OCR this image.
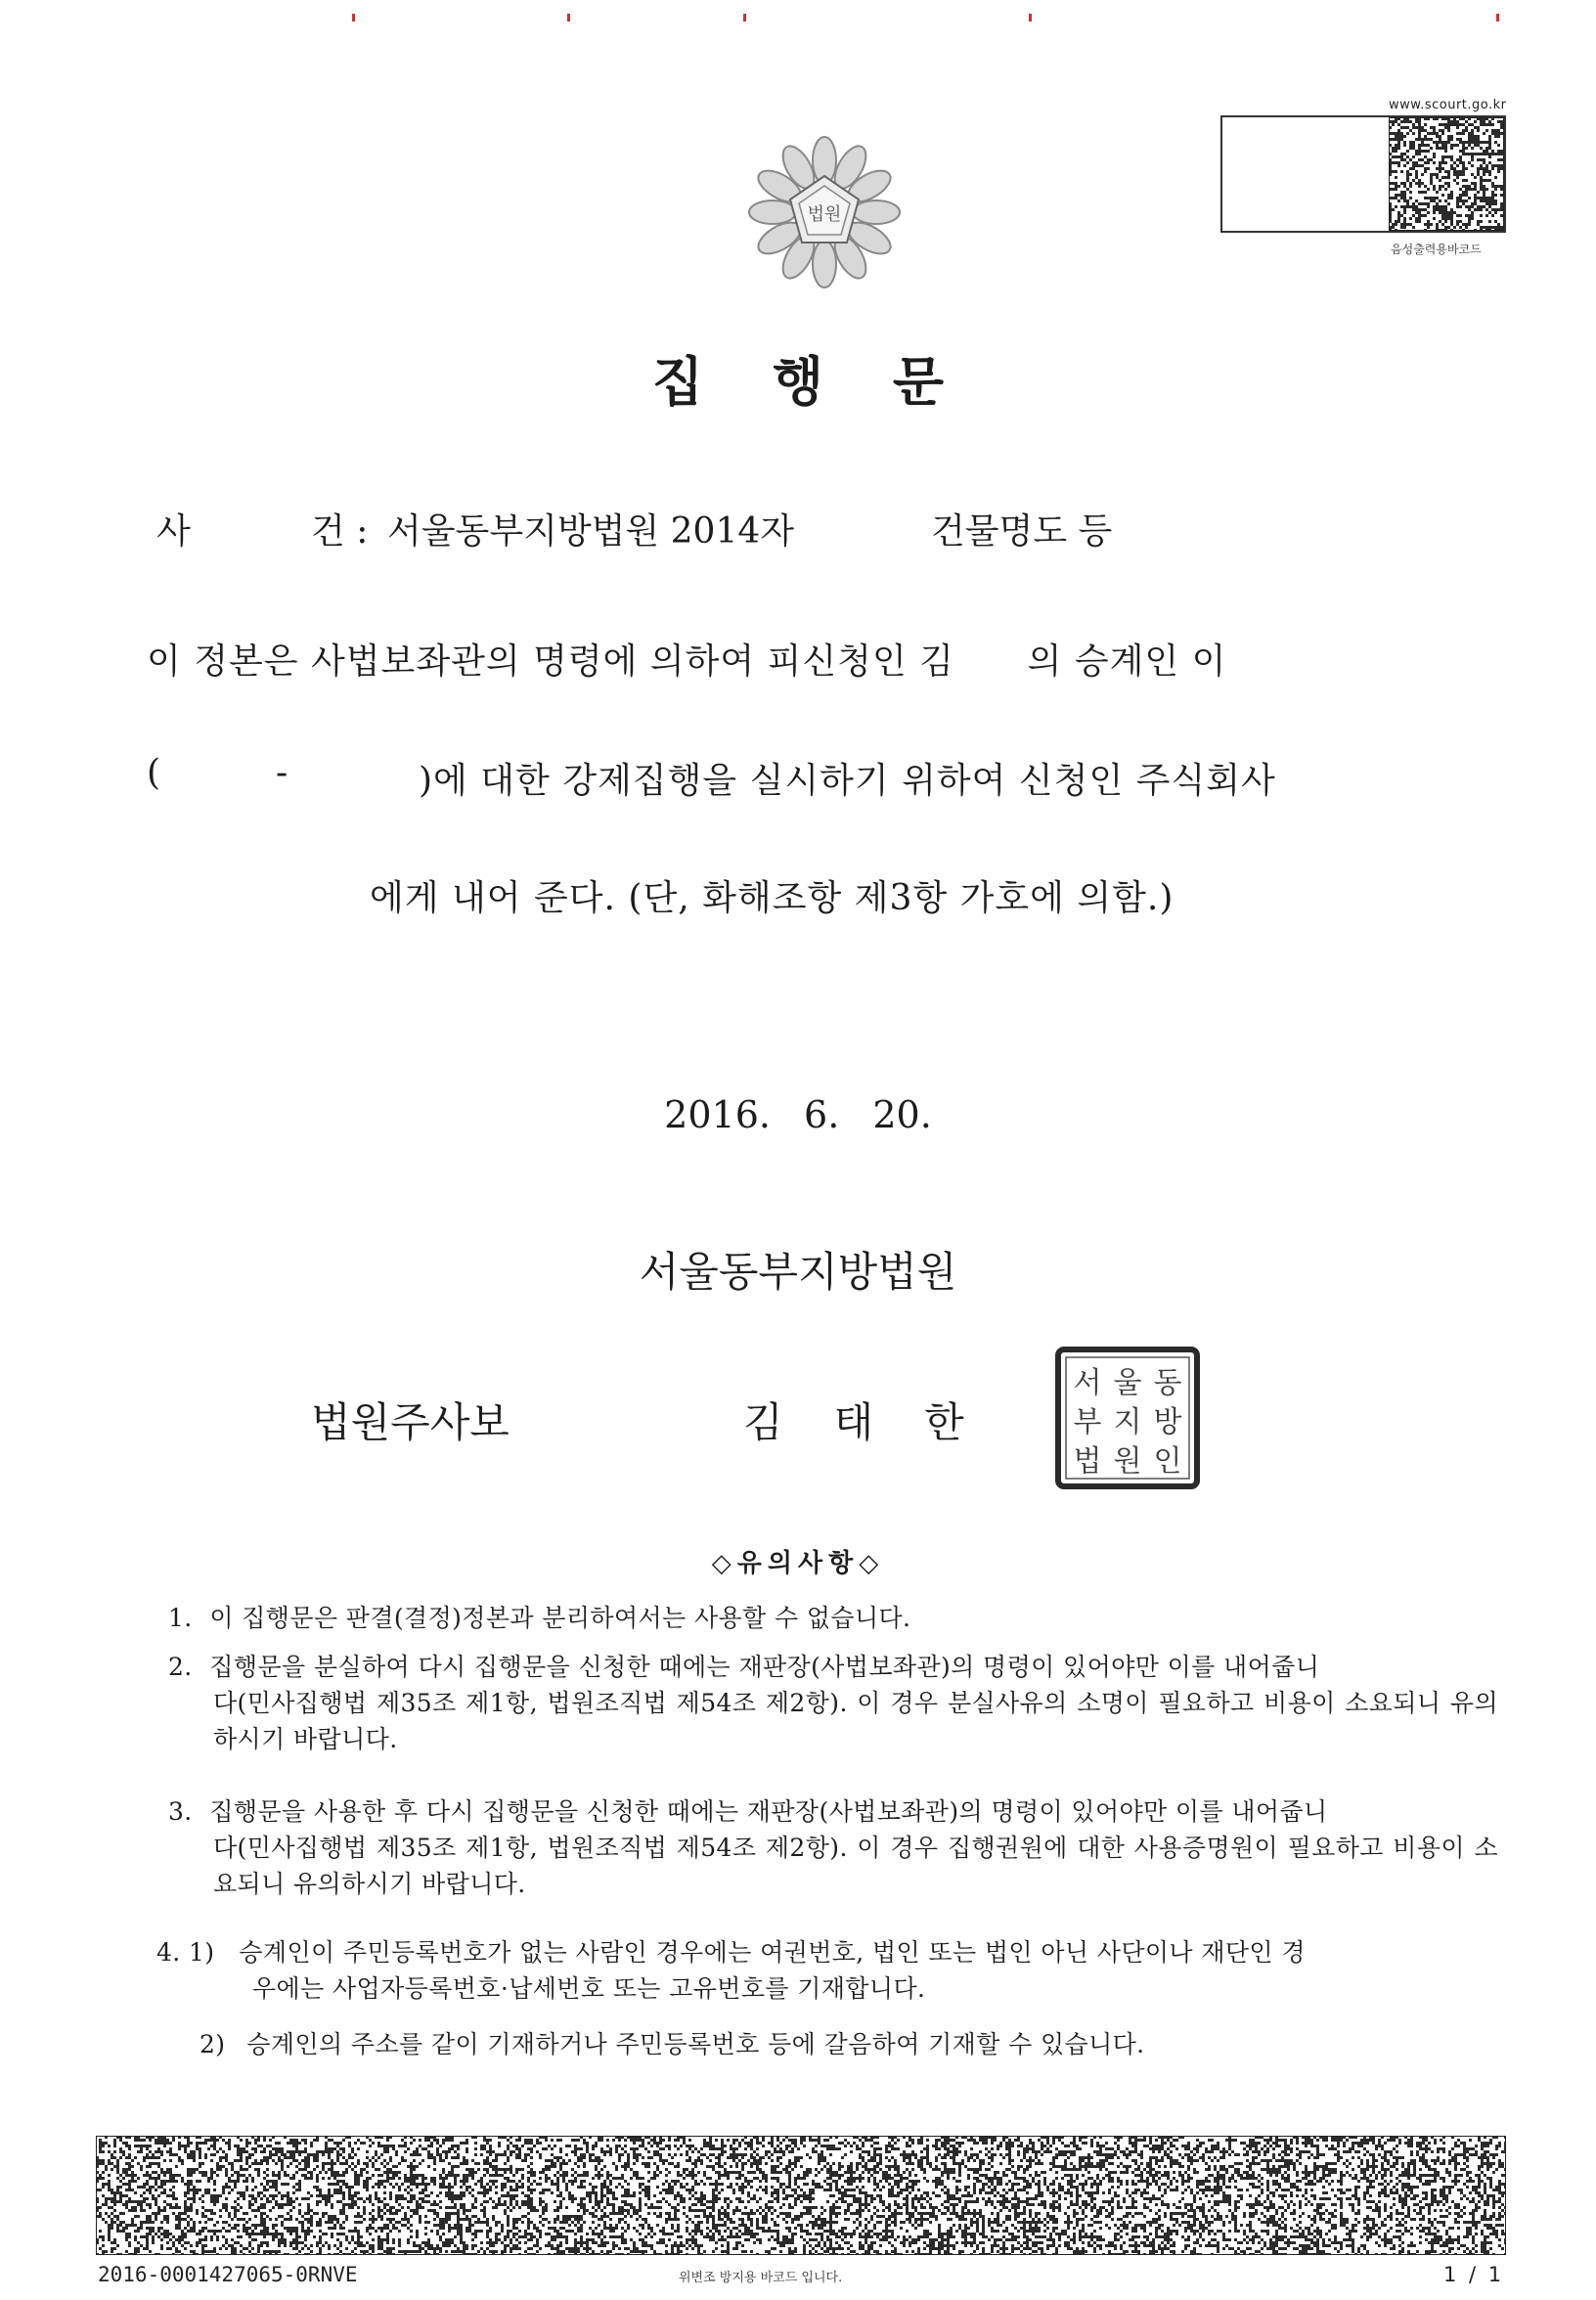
법원
www.scourt.go.kr
음성출력용바코드
집 행 문
사	건 : 서울동부지방법원 2014자	건물명도 등
이 정본은 사법보좌관의 명령에 의하여 피신청인 김      의 승계인 이
(	-	)에 대한 강제집행을 실시하기 위하여 신청인 주식회사
에게 내어 준다. (단, 화해조항 제3항 가호에 의함.)
2016. 6. 20.
서울동부지방법원
법원주사보	김태한
서 울 동
부 지 방
법 원 인
◇유의사항◇
1. 이 집행문은 판결(결정)정본과 분리하여서는 사용할 수 없습니다.
2. 집행문을 분실하여 다시 집행문을 신청한 때에는 재판장(사법보좌관)의 명령이 있어야만 이를 내어줍니
다(민사집행법 제35조 제1항, 법원조직법 제54조 제2항). 이 경우 분실사유의 소명이 필요하고 비용이 소요되니 유의하시기 바랍니다.
3. 집행문을 사용한 후 다시 집행문을 신청한 때에는 재판장(사법보좌관)의 명령이 있어야만 이를 내어줍니
다(민사집행법 제35조 제1항, 법원조직법 제54조 제2항). 이 경우 집행권원에 대한 사용증명원이 필요하고 비용이 소요되니 유의하시기 바랍니다.
4. 1) 승계인이 주민등록번호가 없는 사람인 경우에는 여권번호, 법인 또는 법인 아닌 사단이나 재단인 경
우에는 사업자등록번호·납세번호 또는 고유번호를 기재합니다.
2) 승계인의 주소를 같이 기재하거나 주민등록번호 등에 갈음하여 기재할 수 있습니다.
2016-0001427065-0RNVE	위변조 방지용 바코드 입니다.	1 / 1
